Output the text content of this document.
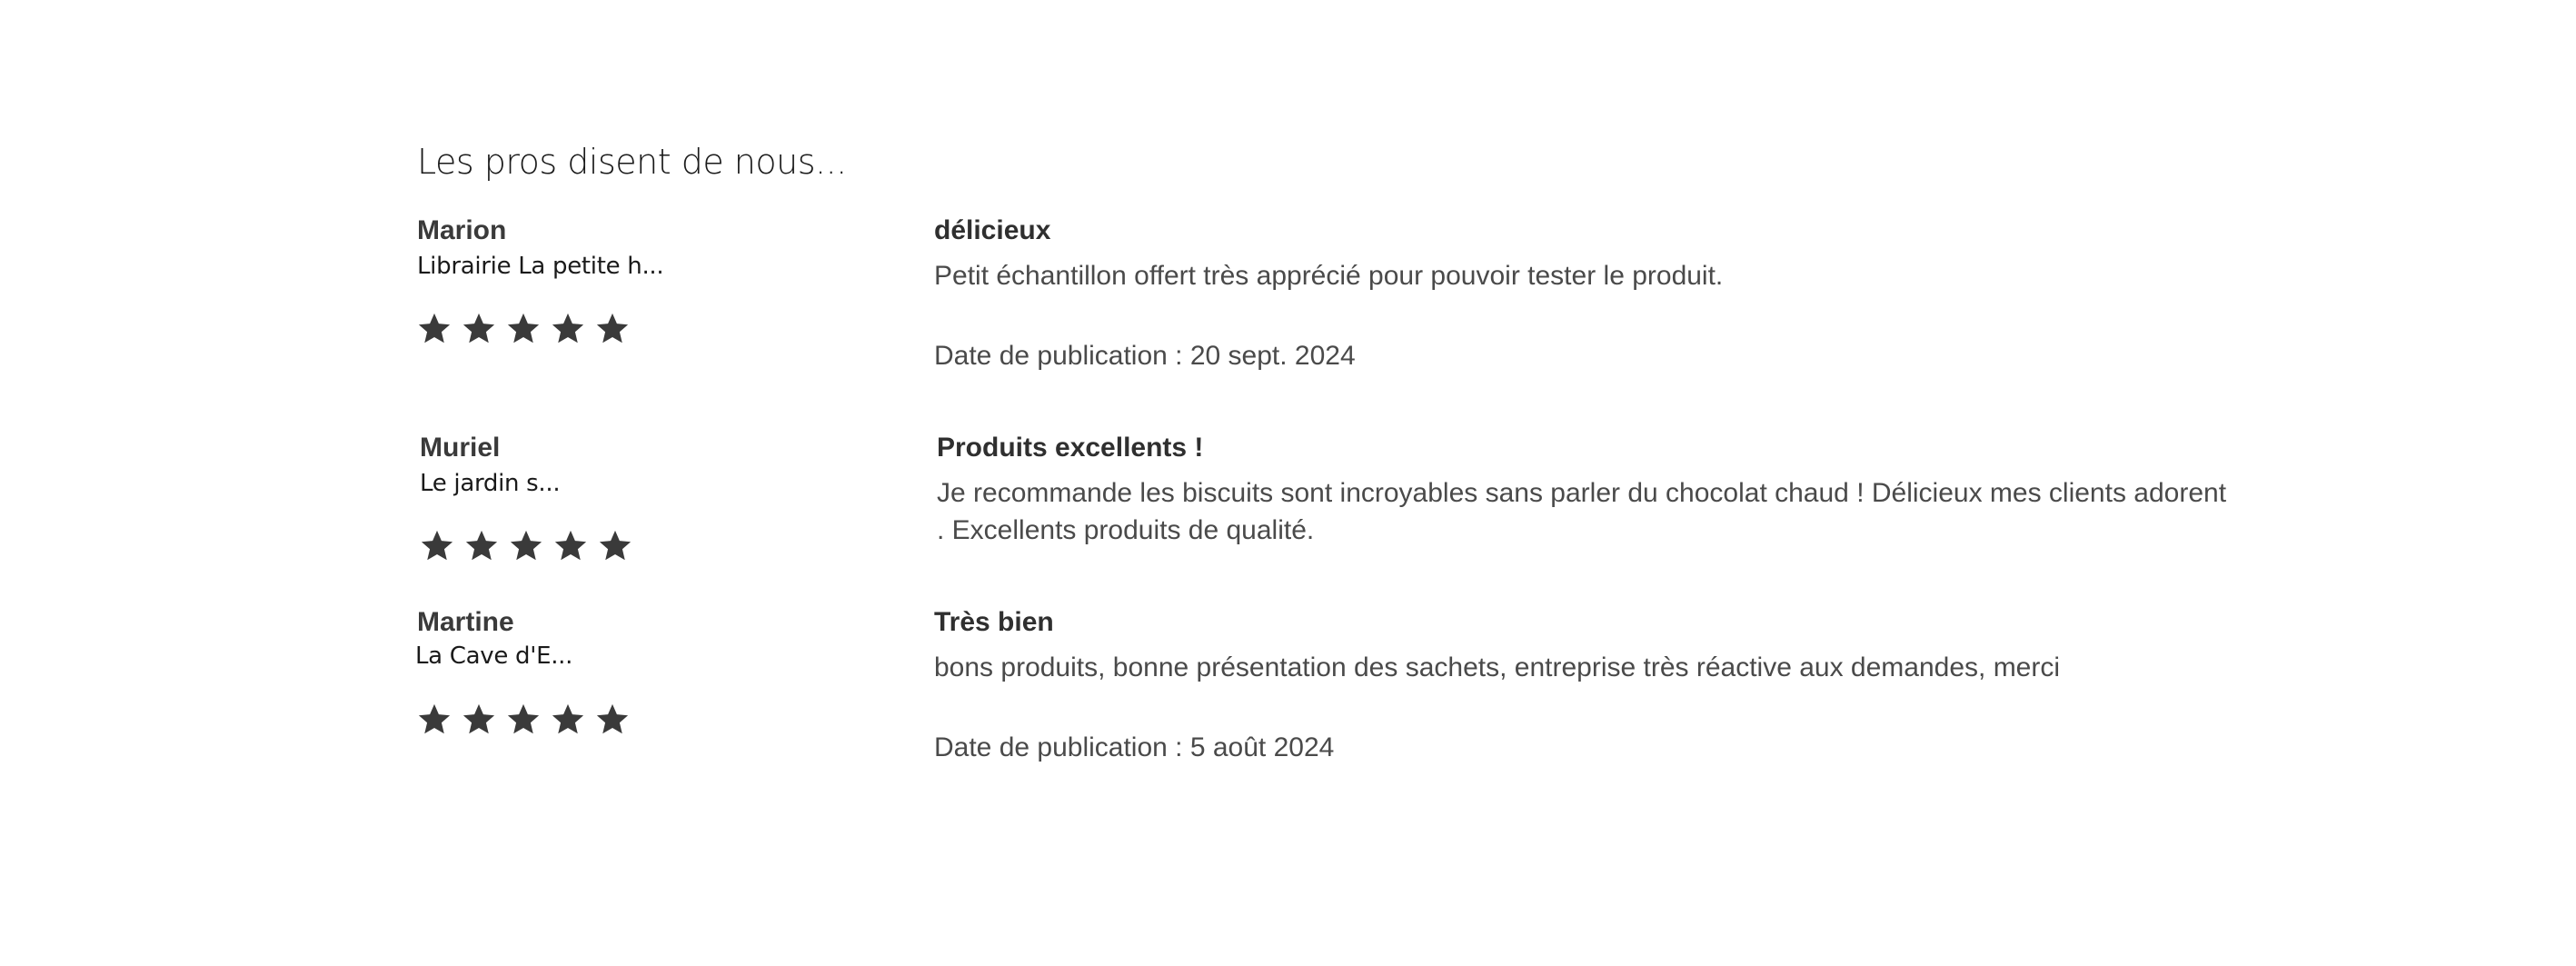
Les pros disent de nous...
Marion
Librairie La petite h...
délicieux
Petit échantillon offert très apprécié pour pouvoir tester le produit.
Date de publication : 20 sept. 2024
Muriel
Le jardin s...
Produits excellents !
Je recommande les biscuits sont incroyables sans parler du chocolat chaud ! Délicieux mes clients adorent . Excellents produits de qualité.
Martine
La Cave d'E...
Très bien
bons produits, bonne présentation des sachets, entreprise très réactive aux demandes, merci
Date de publication : 5 août 2024
